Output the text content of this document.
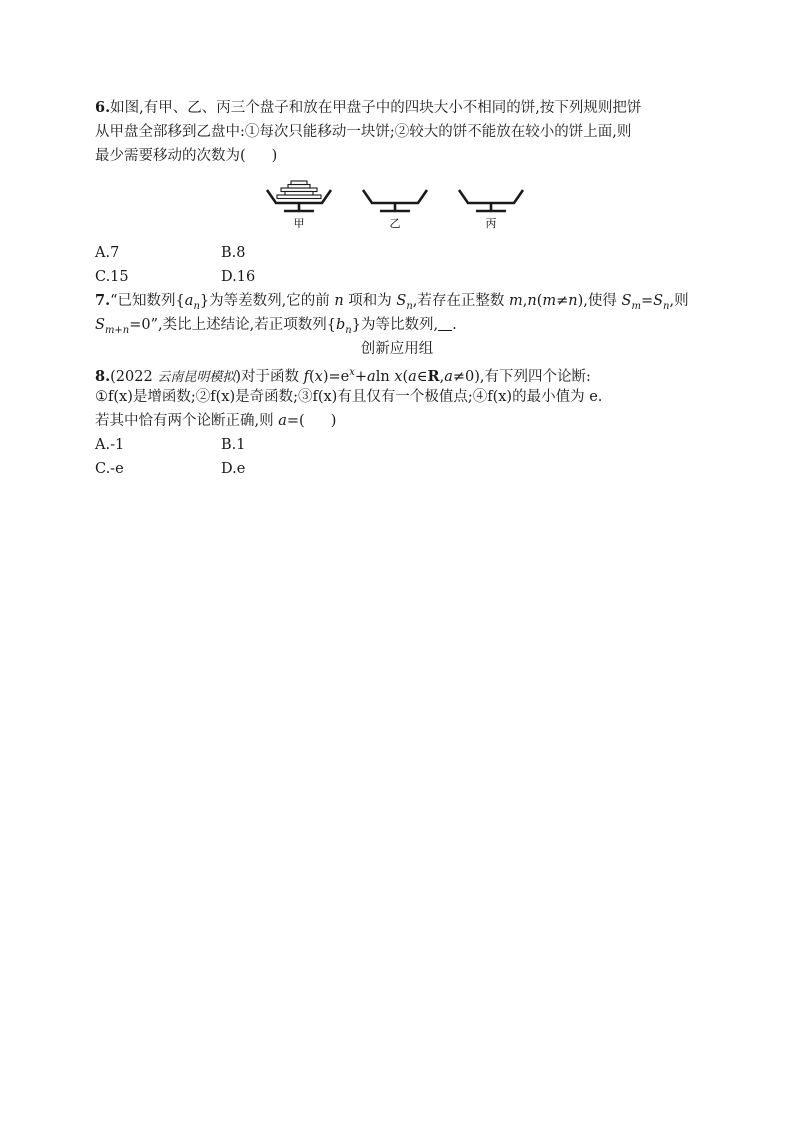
6.如图,有甲、乙、丙三个盘子和放在甲盘子中的四块大小不相同的饼,按下列规则把饼
从甲盘全部移到乙盘中:①每次只能移动一块饼;②较大的饼不能放在较小的饼上面,则
最少需要移动的次数为( )
甲	乙	丙
A.7	B.8
C.15	D.16
7.“已知数列$\{a_n\}$为等差数列,它的前 n 项和为 $S_n$,若存在正整数 m,n(m≠n),使得 $S_m=S_n$,则
$S_{m+n}=0$”,类比上述结论,若正项数列$\{b_n\}$为等比数列, .
创新应用组
8.(2022 云南昆明模拟)对于函数 $f(x)=e^x+aln$ x(a∈R,a≠0),有下列四个论断:
①f(x)是增函数;②f(x)是奇函数;③f(x)有且仅有一个极值点;④f(x)的最小值为 e.
若其中恰有两个论断正确,则 a=( )
A.-1	B.1
C.-e	D.e
